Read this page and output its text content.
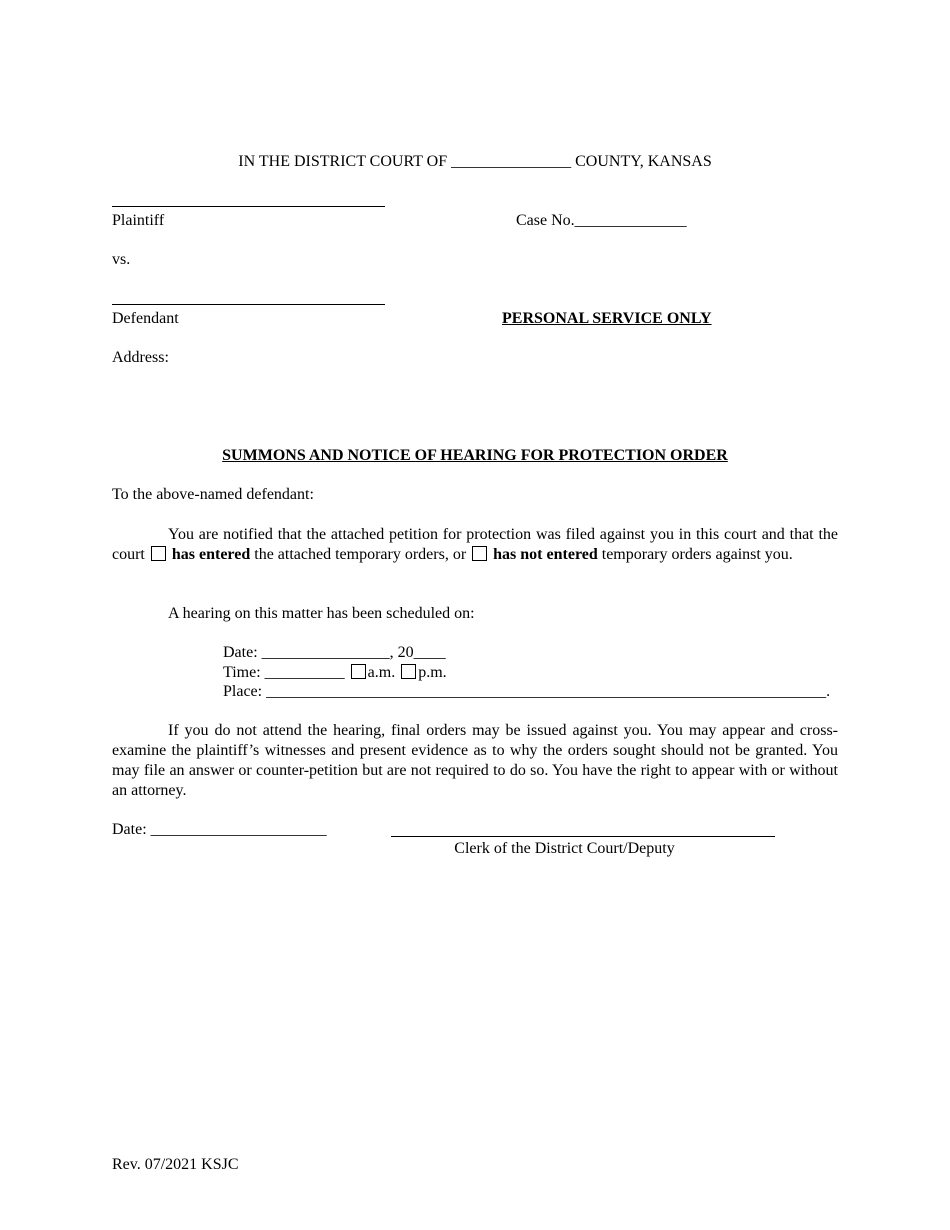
IN THE DISTRICT COURT OF _______________ COUNTY, KANSAS
Plaintiff	Case No.______________
vs.
Defendant	PERSONAL SERVICE ONLY
Address:
SUMMONS AND NOTICE OF HEARING FOR PROTECTION ORDER
To the above-named defendant:
You are notified that the attached petition for protection was filed against you in this court and that the court has entered the attached temporary orders, or has not entered temporary orders against you.
A hearing on this matter has been scheduled on:
Date: ________________, 20____
Time: __________ a.m. p.m.
Place: ______________________________________________________________________.
If you do not attend the hearing, final orders may be issued against you. You may appear and cross-examine the plaintiff’s witnesses and present evidence as to why the orders sought should not be granted. You may file an answer or counter-petition but are not required to do so. You have the right to appear with or without an attorney.
Date: ______________________
Clerk of the District Court/Deputy
Rev. 07/2021 KSJC
